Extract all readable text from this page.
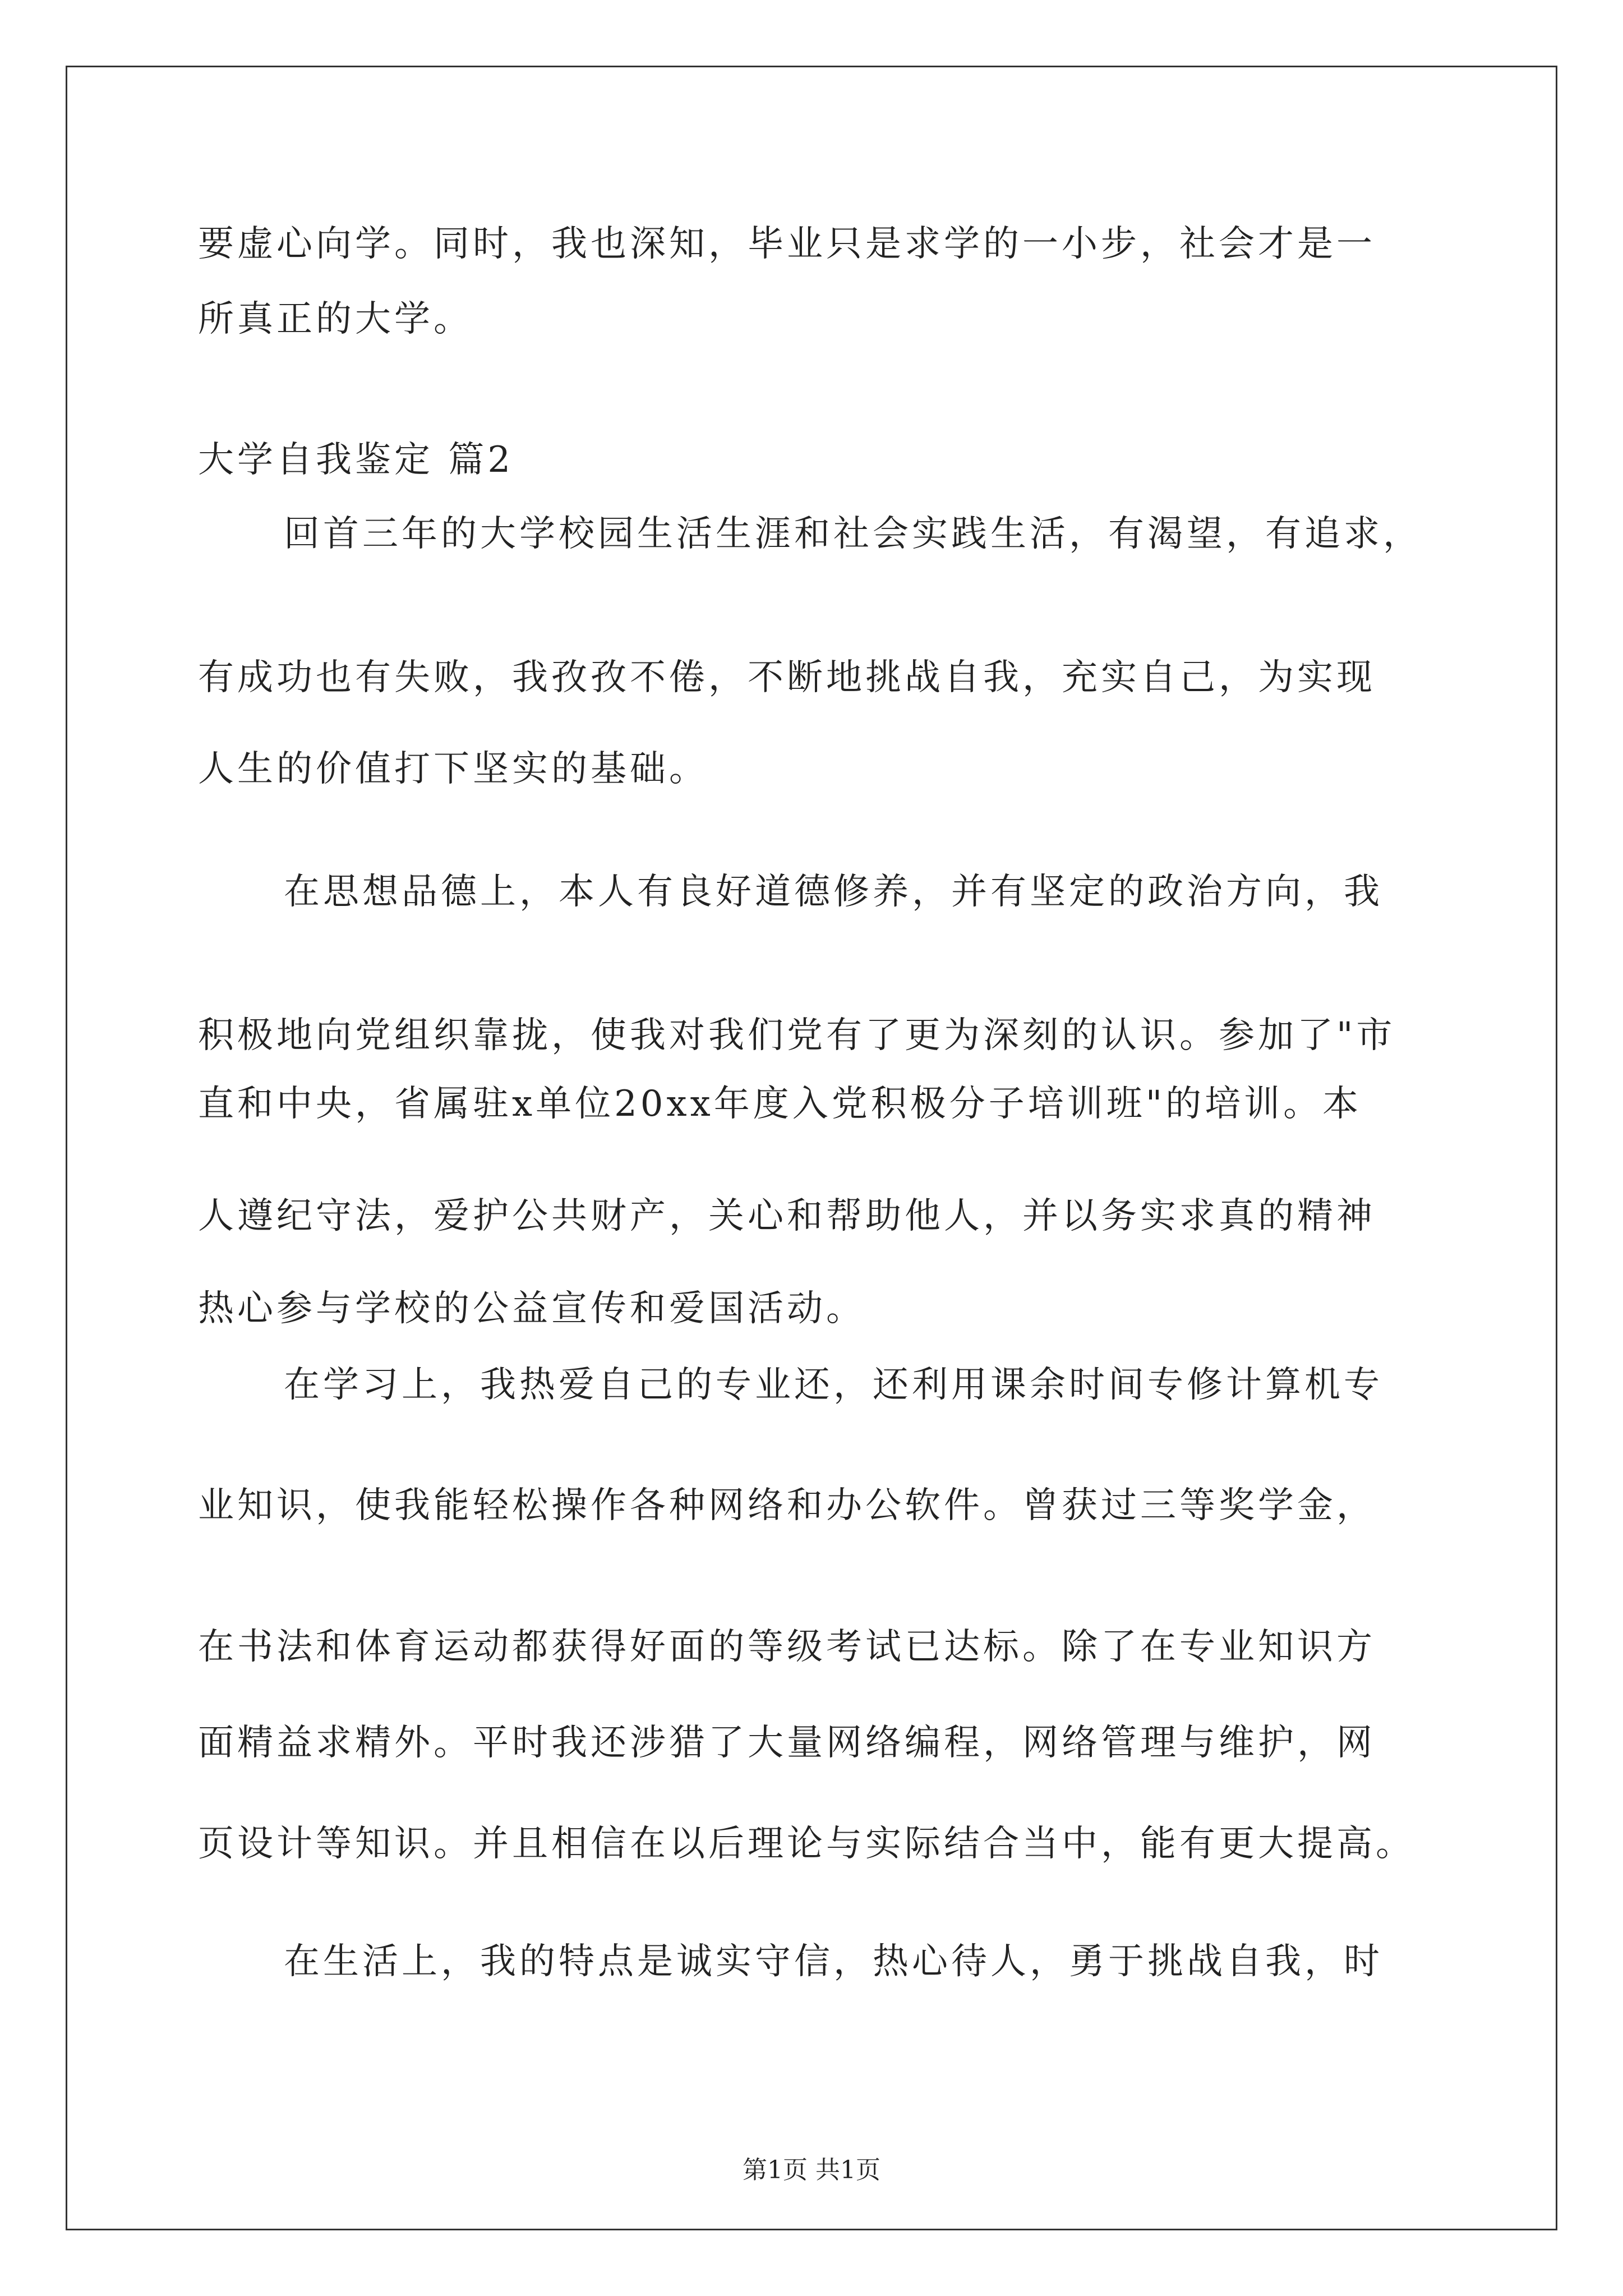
要虚心向学。同时，我也深知，毕业只是求学的一小步，社会才是一
所真正的大学。
大学自我鉴定 篇2
回首三年的大学校园生活生涯和社会实践生活，有渴望，有追求，
有成功也有失败，我孜孜不倦，不断地挑战自我，充实自己，为实现
人生的价值打下坚实的基础。
在思想品德上，本人有良好道德修养，并有坚定的政治方向，我
积极地向党组织靠拢，使我对我们党有了更为深刻的认识。参加了"市
直和中央，省属驻x单位20xx年度入党积极分子培训班"的培训。本
人遵纪守法，爱护公共财产，关心和帮助他人，并以务实求真的精神
热心参与学校的公益宣传和爱国活动。
在学习上，我热爱自己的专业还，还利用课余时间专修计算机专
业知识，使我能轻松操作各种网络和办公软件。曾获过三等奖学金，
在书法和体育运动都获得好面的等级考试已达标。除了在专业知识方
面精益求精外。平时我还涉猎了大量网络编程，网络管理与维护，网
页设计等知识。并且相信在以后理论与实际结合当中，能有更大提高。
在生活上，我的特点是诚实守信，热心待人，勇于挑战自我，时
第1页 共1页
